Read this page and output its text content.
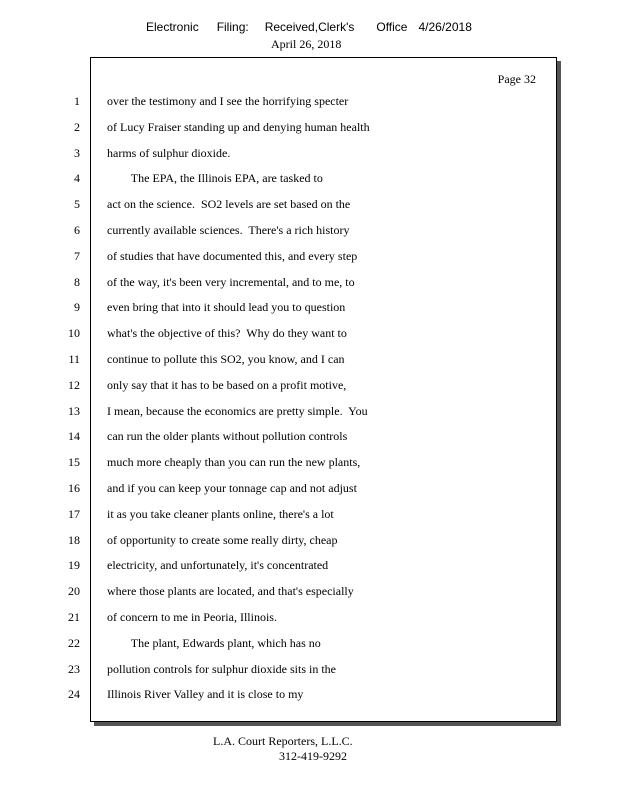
Electronic Filing: Received,Clerk's Office 4/26/2018
April 26, 2018
Page 32
1
2
3
4
5
6
7
8
9
10
11
12
13
14
15
16
17
18
19
20
21
22
23
24
over the testimony and I see the horrifying specter
of Lucy Fraiser standing up and denying human health
harms of sulphur dioxide.
The EPA, the Illinois EPA, are tasked to
act on the science.  SO2 levels are set based on the
currently available sciences.  There's a rich history
of studies that have documented this, and every step
of the way, it's been very incremental, and to me, to
even bring that into it should lead you to question
what's the objective of this?  Why do they want to
continue to pollute this SO2, you know, and I can
only say that it has to be based on a profit motive,
I mean, because the economics are pretty simple.  You
can run the older plants without pollution controls
much more cheaply than you can run the new plants,
and if you can keep your tonnage cap and not adjust
it as you take cleaner plants online, there's a lot
of opportunity to create some really dirty, cheap
electricity, and unfortunately, it's concentrated
where those plants are located, and that's especially
of concern to me in Peoria, Illinois.
The plant, Edwards plant, which has no
pollution controls for sulphur dioxide sits in the
Illinois River Valley and it is close to my
L.A. Court Reporters, L.L.C.
312-419-9292
